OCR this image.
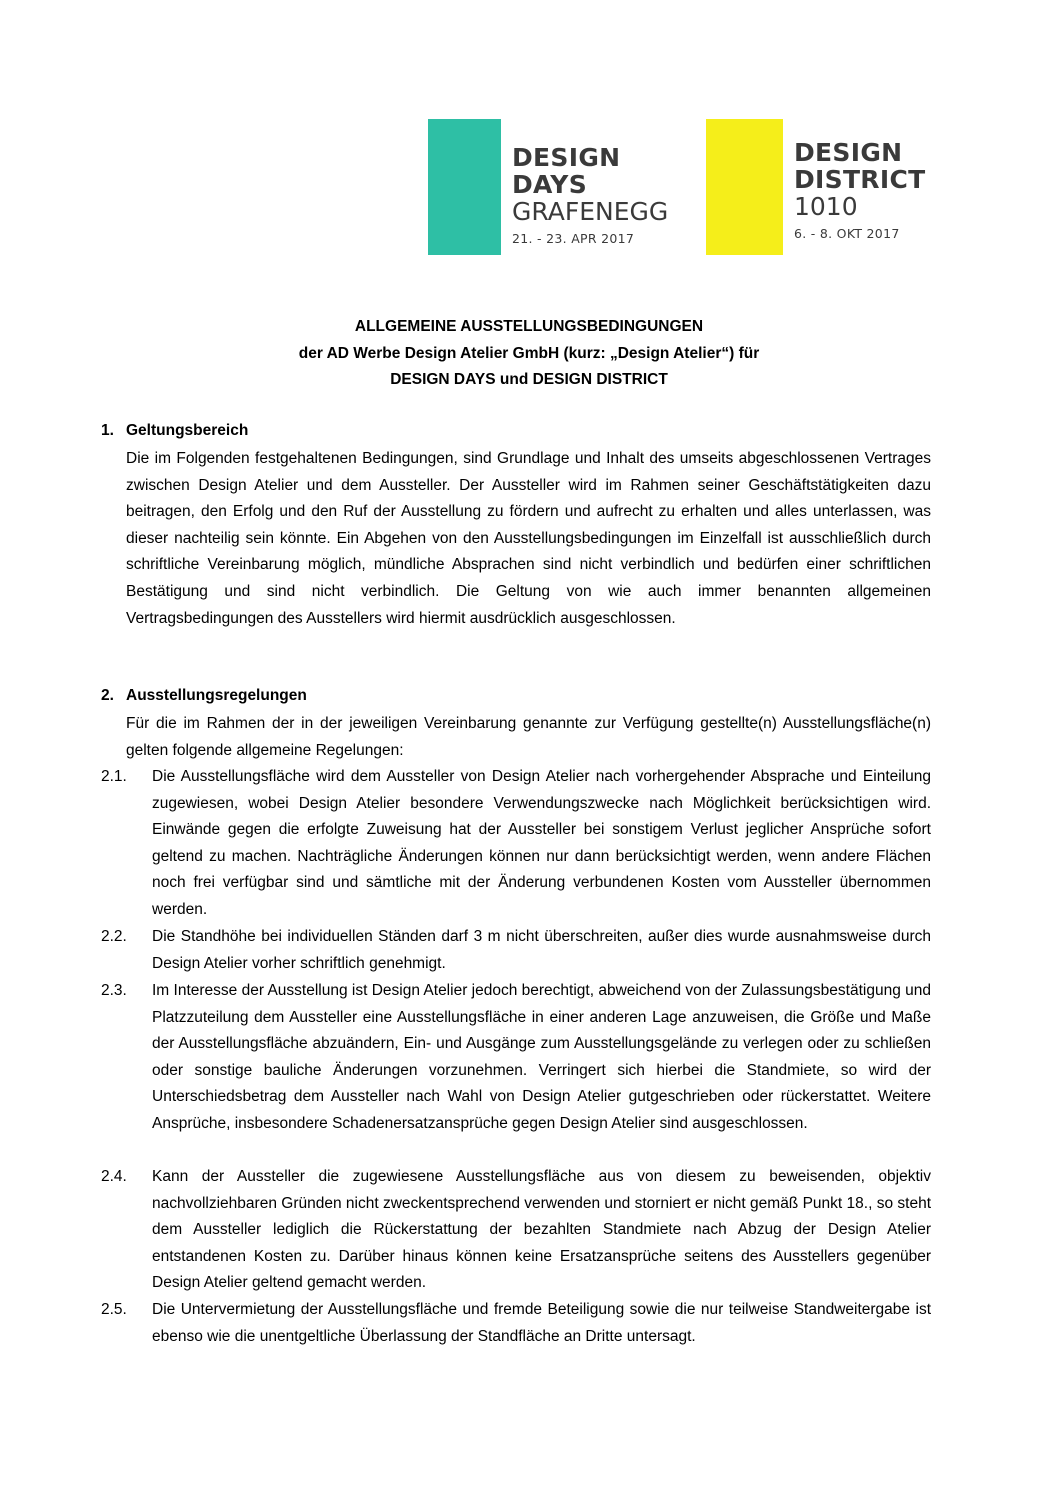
DESIGN
DAYS
GRAFENEGG
21. - 23. APR 2017
DESIGN
DISTRICT
1010
6. - 8. OKT 2017
ALLGEMEINE AUSSTELLUNGSBEDINGUNGEN
der AD Werbe Design Atelier GmbH (kurz: „Design Atelier“) für
DESIGN DAYS und DESIGN DISTRICT
1. Geltungsbereich
Die im Folgenden festgehaltenen Bedingungen, sind Grundlage und Inhalt des umseits abgeschlossenen Vertrages zwischen Design Atelier und dem Aussteller. Der Aussteller wird im Rahmen seiner Geschäftstätigkeiten dazu beitragen, den Erfolg und den Ruf der Ausstellung zu fördern und aufrecht zu erhalten und alles unterlassen, was dieser nachteilig sein könnte. Ein Abgehen von den Ausstellungsbedingungen im Einzelfall ist ausschließlich durch schriftliche Vereinbarung möglich, mündliche Absprachen sind nicht verbindlich und bedürfen einer schriftlichen Bestätigung und sind nicht verbindlich. Die Geltung von wie auch immer benannten allgemeinen Vertragsbedingungen des Ausstellers wird hiermit ausdrücklich ausgeschlossen.
2. Ausstellungsregelungen
Für die im Rahmen der in der jeweiligen Vereinbarung genannte zur Verfügung gestellte(n) Ausstellungsfläche(n) gelten folgende allgemeine Regelungen:
2.1. Die Ausstellungsfläche wird dem Aussteller von Design Atelier nach vorhergehender Absprache und Einteilung zugewiesen, wobei Design Atelier besondere Verwendungszwecke nach Möglichkeit berücksichtigen wird. Einwände gegen die erfolgte Zuweisung hat der Aussteller bei sonstigem Verlust jeglicher Ansprüche sofort geltend zu machen. Nachträgliche Änderungen können nur dann berücksichtigt werden, wenn andere Flächen noch frei verfügbar sind und sämtliche mit der Änderung verbundenen Kosten vom Aussteller übernommen werden.
2.2. Die Standhöhe bei individuellen Ständen darf 3 m nicht überschreiten, außer dies wurde ausnahmsweise durch Design Atelier vorher schriftlich genehmigt.
2.3. Im Interesse der Ausstellung ist Design Atelier jedoch berechtigt, abweichend von der Zulassungsbestätigung und Platzzuteilung dem Aussteller eine Ausstellungsfläche in einer anderen Lage anzuweisen, die Größe und Maße der Ausstellungsfläche abzuändern, Ein- und Ausgänge zum Ausstellungsgelände zu verlegen oder zu schließen oder sonstige bauliche Änderungen vorzunehmen. Verringert sich hierbei die Standmiete, so wird der Unterschiedsbetrag dem Aussteller nach Wahl von Design Atelier gutgeschrieben oder rückerstattet. Weitere Ansprüche, insbesondere Schadenersatzansprüche gegen Design Atelier sind ausgeschlossen.
2.4. Kann der Aussteller die zugewiesene Ausstellungsfläche aus von diesem zu beweisenden, objektiv nachvollziehbaren Gründen nicht zweckentsprechend verwenden und storniert er nicht gemäß Punkt 18., so steht dem Aussteller lediglich die Rückerstattung der bezahlten Standmiete nach Abzug der Design Atelier entstandenen Kosten zu. Darüber hinaus können keine Ersatzansprüche seitens des Ausstellers gegenüber Design Atelier geltend gemacht werden.
2.5. Die Untervermietung der Ausstellungsfläche und fremde Beteiligung sowie die nur teilweise Standweitergabe ist ebenso wie die unentgeltliche Überlassung der Standfläche an Dritte untersagt.
